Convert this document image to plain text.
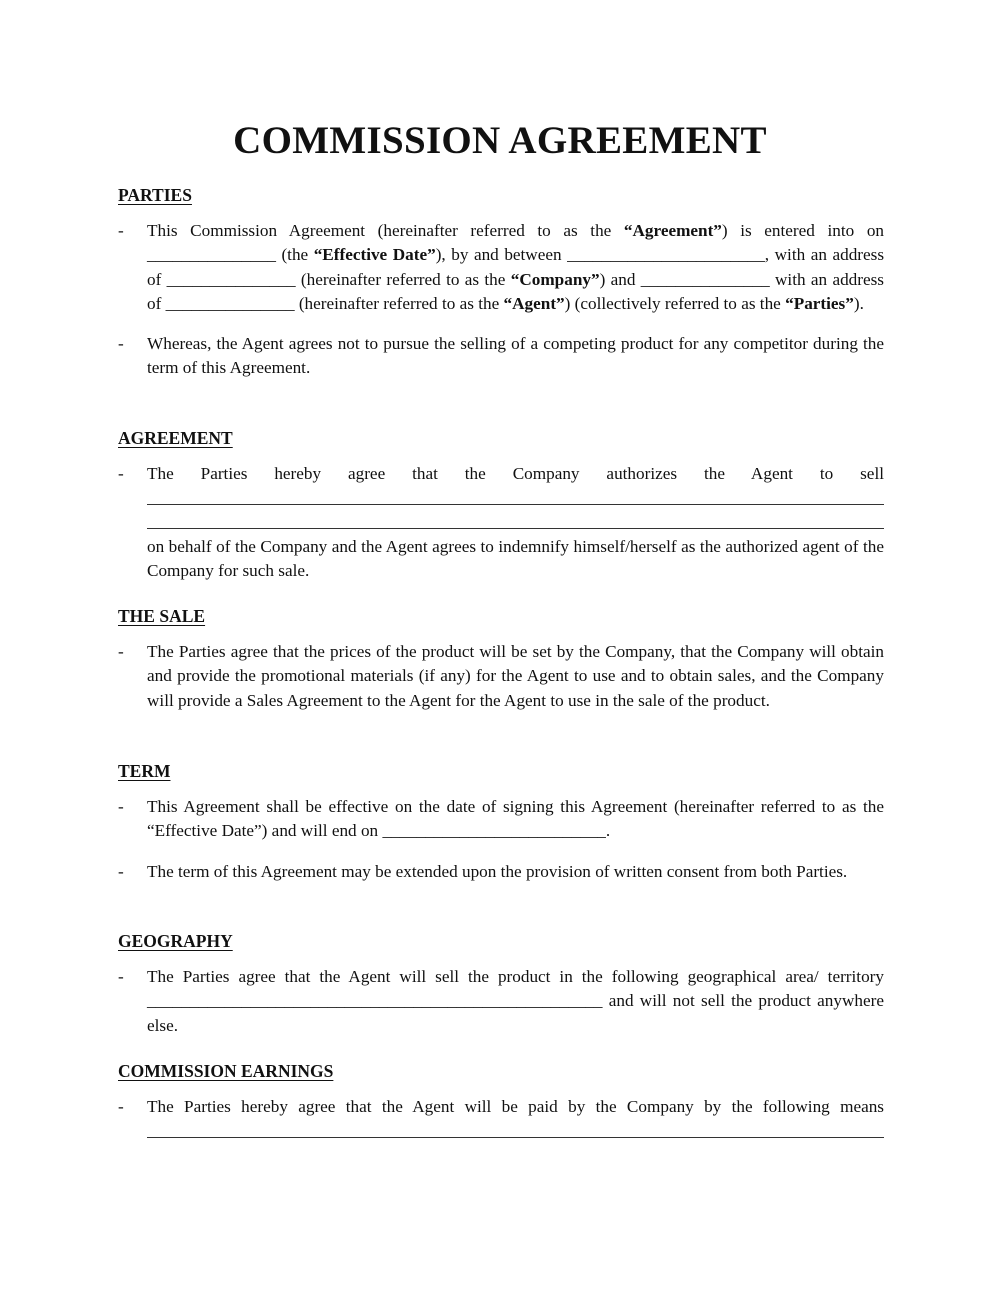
COMMISSION AGREEMENT
PARTIES
- This Commission Agreement (hereinafter referred to as the “Agreement”) is entered into on _______________ (the “Effective Date”), by and between _______________________, with an address of _______________ (hereinafter referred to as the “Company”) and _______________ with an address of _______________ (hereinafter referred to as the “Agent”) (collectively referred to as the “Parties”).
- Whereas, the Agent agrees not to pursue the selling of a competing product for any competitor during the term of this Agreement.
AGREEMENT
- The Parties hereby agree that the Company authorizes the Agent to sell
on behalf of the Company and the Agent agrees to indemnify himself/herself as the authorized agent of the Company for such sale.
THE SALE
- The Parties agree that the prices of the product will be set by the Company, that the Company will obtain and provide the promotional materials (if any) for the Agent to use and to obtain sales, and the Company will provide a Sales Agreement to the Agent for the Agent to use in the sale of the product.
TERM
- This Agreement shall be effective on the date of signing this Agreement (hereinafter referred to as the “Effective Date”) and will end on __________________________.
- The term of this Agreement may be extended upon the provision of written consent from both Parties.
GEOGRAPHY
- The Parties agree that the Agent will sell the product in the following geographical area/ territory _____________________________________________________ and will not sell the product anywhere else.
COMMISSION EARNINGS
- The Parties hereby agree that the Agent will be paid by the Company by the following means
